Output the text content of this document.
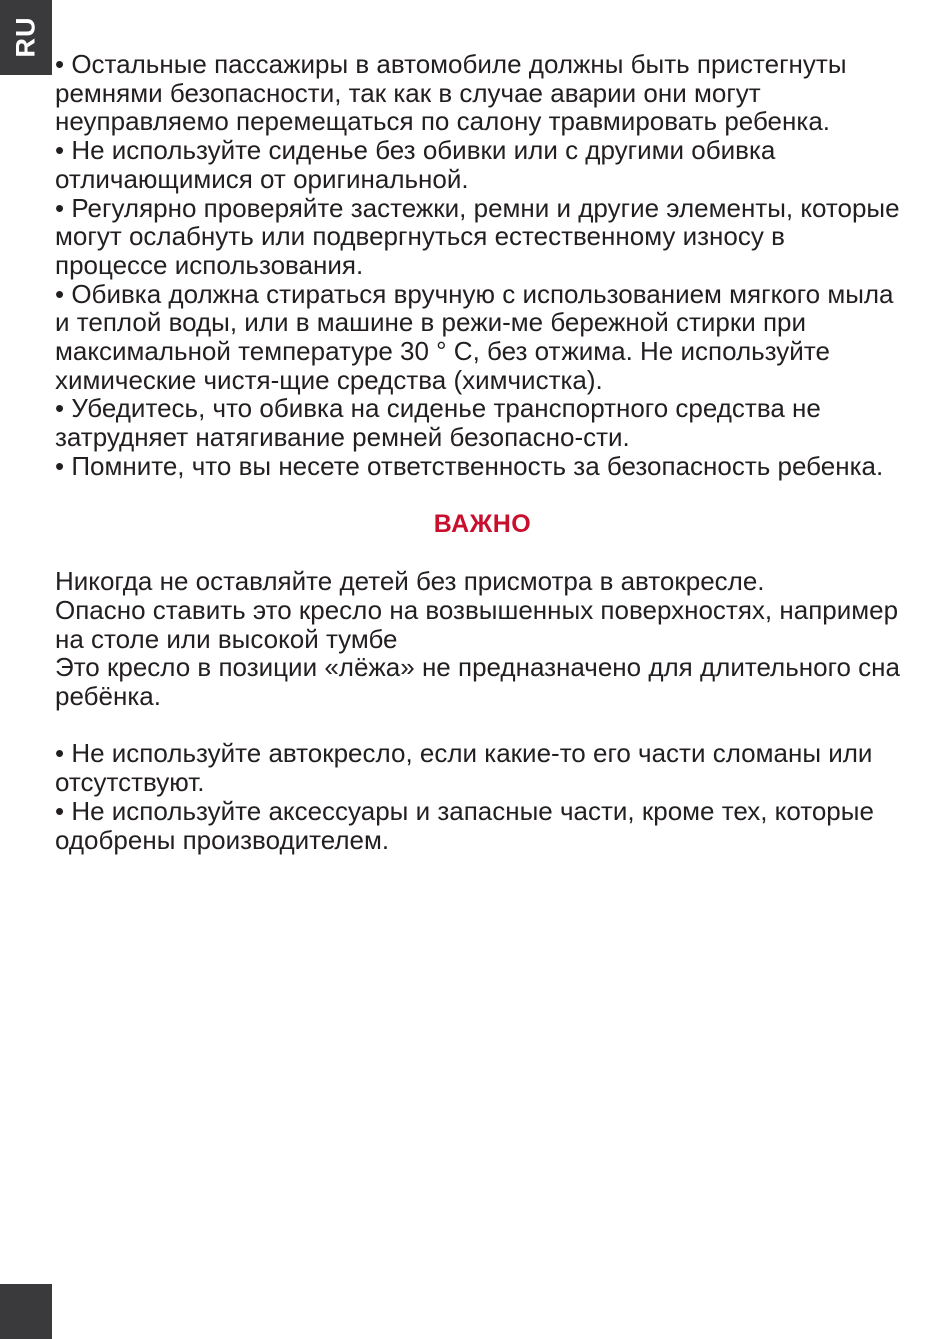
RU

• Остальные пассажиры в автомобиле должны быть пристегнуты ремнями безопасности, так как в случае аварии они могут неуправляемо перемещаться по салону травмировать ребенка.

• Не используйте сиденье без обивки или с другими обивка отличающимися от оригинальной.

• Регулярно проверяйте застежки, ремни и другие элементы, которые могут ослабнуть или подвергнуться естественному износу в процессе использования.

• Обивка должна стираться вручную с использованием мягкого мыла и теплой воды, или в машине в режи-ме бережной стирки при максимальной температуре 30 ° С, без отжима. Не используйте химические чистя-щие средства (химчистка).

• Убедитесь, что обивка на сиденье транспортного средства не затрудняет натягивание ремней безопасно-сти.

• Помните, что вы несете ответственность за безопасность ребенка.

ВАЖНО

Никогда не оставляйте детей без присмотра в автокресле.

Опасно ставить это кресло на возвышенных поверхностях, например на столе или высокой тумбе

Это кресло в позиции «лёжа» не предназначено для длительного сна ребёнка.

• Не используйте автокресло, если какие-то его части сломаны или отсутствуют.

• Не используйте аксессуары и запасные части, кроме тех, которые одобрены производителем.
